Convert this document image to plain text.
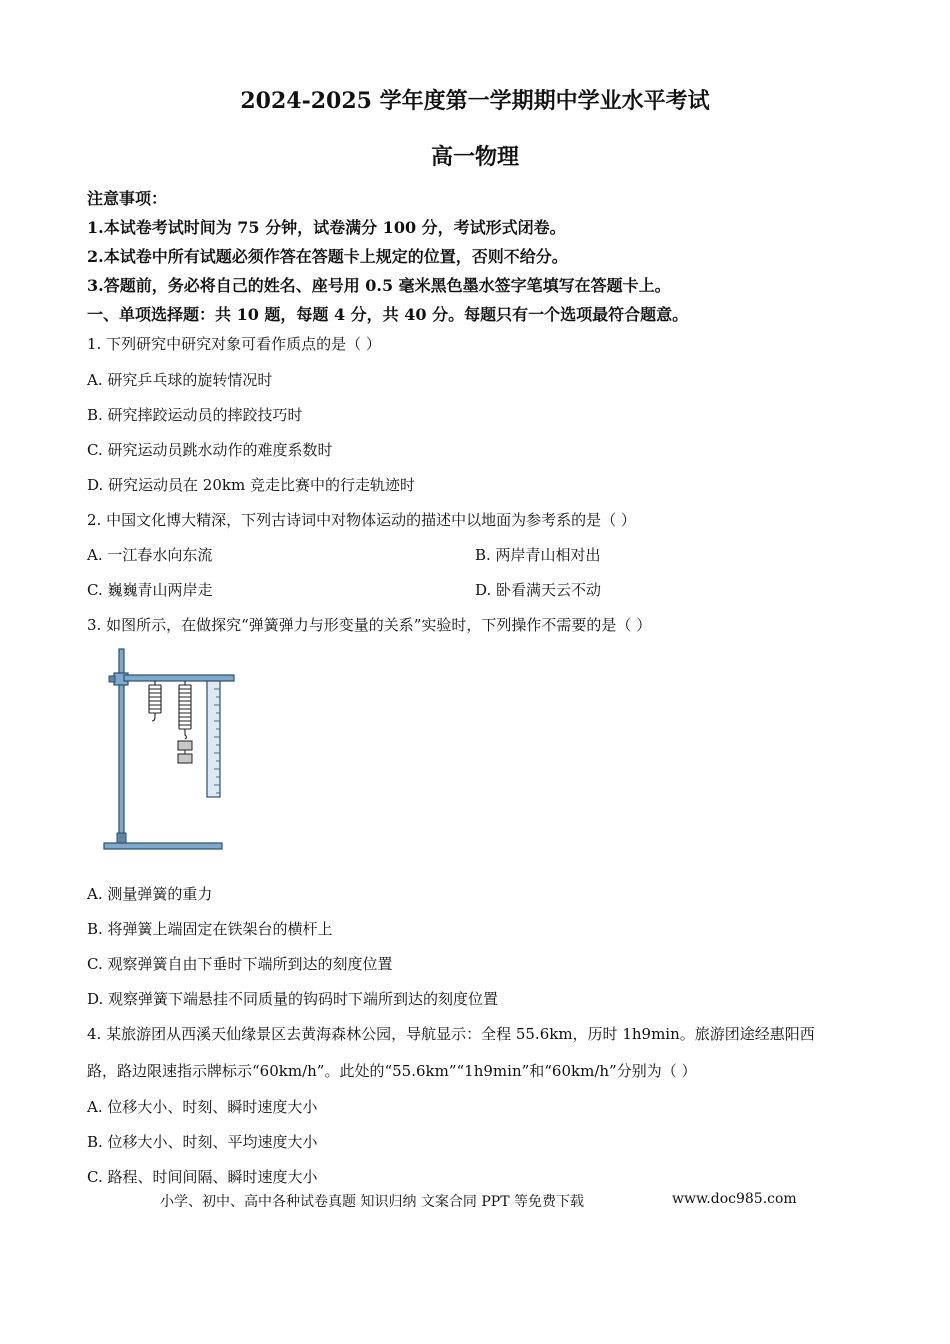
2024-2025 学年度第一学期期中学业水平考试
高一物理
注意事项：
1.本试卷考试时间为 75 分钟，试卷满分 100 分，考试形式闭卷。
2.本试卷中所有试题必须作答在答题卡上规定的位置，否则不给分。
3.答题前，务必将自己的姓名、座号用 0.5 毫米黑色墨水签字笔填写在答题卡上。
一、单项选择题：共 10 题，每题 4 分，共 40 分。每题只有一个选项最符合题意。
1. 下列研究中研究对象可看作质点的是（ ）
A. 研究乒乓球的旋转情况时
B. 研究摔跤运动员的摔跤技巧时
C. 研究运动员跳水动作的难度系数时
D. 研究运动员在 20km 竞走比赛中的行走轨迹时
2. 中国文化博大精深，下列古诗词中对物体运动的描述中以地面为参考系的是（ ）
A. 一江春水向东流	B. 两岸青山相对出
C. 巍巍青山两岸走	D. 卧看满天云不动
3. 如图所示，在做探究“弹簧弹力与形变量的关系”实验时，下列操作不需要的是（ ）
A. 测量弹簧的重力
B. 将弹簧上端固定在铁架台的横杆上
C. 观察弹簧自由下垂时下端所到达的刻度位置
D. 观察弹簧下端悬挂不同质量的钩码时下端所到达的刻度位置
4. 某旅游团从西溪天仙缘景区去黄海森林公园，导航显示：全程 55.6km，历时 1h9min。旅游团途经惠阳西
路，路边限速指示牌标示“60km/h”。此处的“55.6km”“1h9min”和“60km/h”分别为（ ）
A. 位移大小、时刻、瞬时速度大小
B. 位移大小、时刻、平均速度大小
C. 路程、时间间隔、瞬时速度大小
小学、初中、高中各种试卷真题 知识归纳 文案合同 PPT 等免费下载	www.doc985.com
